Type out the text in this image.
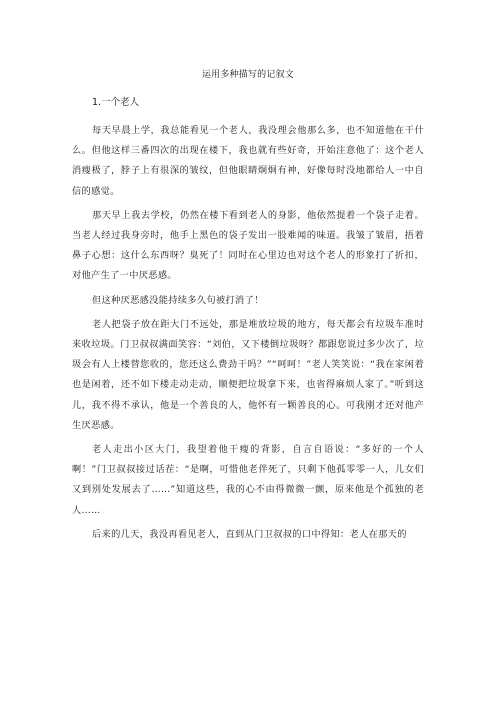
运用多种描写的记叙文
1.一个老人

每天早晨上学，我总能看见一个老人，我没理会他那么多，也不知道他在干什么。但他这样三番四次的出现在楼下，我也就有些好奇，开始注意他了：这个老人消瘦极了，脖子上有很深的皱纹，但他眼睛炯炯有神，好像每时没地都给人一中自信的感觉。

那天早上我去学校，仍然在楼下看到老人的身影，他依然提着一个袋子走着。当老人经过我身旁时，他手上黑色的袋子发出一股难闻的味道。我皱了皱眉，捂着鼻子心想：这什么东西呀？臭死了！同时在心里边也对这个老人的形象打了折扣，对他产生了一中厌恶感。

但这种厌恶感没能持续多久句被打消了！

老人把袋子放在距大门不远处，那是堆放垃圾的地方，每天都会有垃圾车准时来收垃圾。门卫叔叔满面笑容：“刘伯，又下楼倒垃圾呀？都跟您说过多少次了，垃圾会有人上楼替您收的，您还这么费劲干吗？”“呵呵！”老人笑笑说：“我在家闲着也是闲着，还不如下楼走动走动，顺便把垃圾拿下来，也省得麻烦人家了。”听到这儿，我不得不承认，他是一个善良的人，他怀有一颗善良的心。可我刚才还对他产生厌恶感。

老人走出小区大门，我望着他干瘦的背影，自言自语说：“多好的一个人啊！”门卫叔叔接过话茬：“是啊，可惜他老伴死了，只剩下他孤零零一人，儿女们又到别处发展去了……”知道这些，我的心不由得微微一颤，原来他是个孤独的老人……

后来的几天，我没再看见老人，直到从门卫叔叔的口中得知：老人在那天的
